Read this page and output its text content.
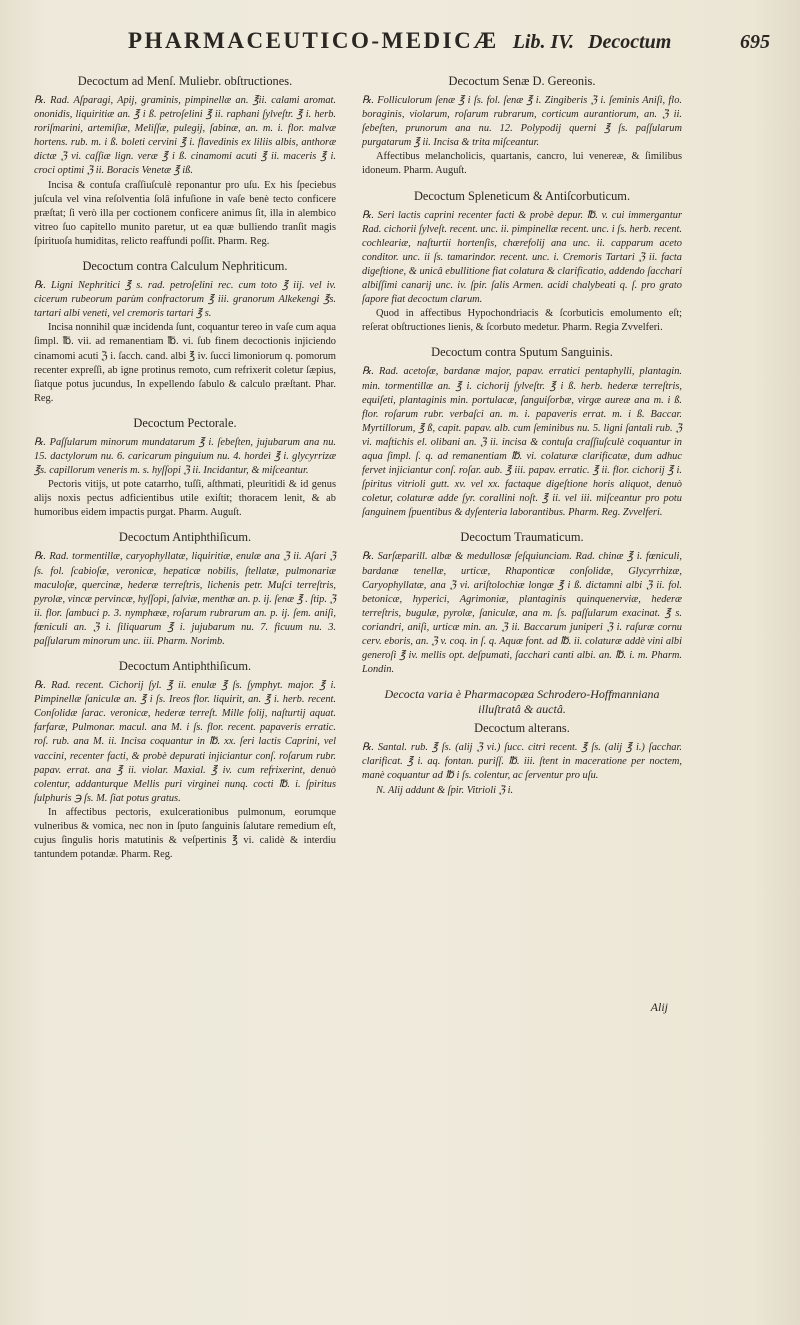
PHARMACEUTICO-MEDICÆ Lib. IV. Decoctum	695
Decoctum ad Menſ. Muliebr. obſtructiones.

℞. Rad. Aſparagi, Apij, graminis, pimpinellæ an. ℥ii. calami aromat. ononidis, liquiritiæ an. ℥ i ß. petroſelini ℥ ii. raphani ſylveſtr. ℥ i. herb. roriſmarini, artemiſiæ, Meliſſæ, pulegij, ſabinæ, an. m. i. flor. malvæ hortens. rub. m. i ß. boleti cervini ℥ i. flavedinis ex liliis albis, anthoræ dictæ ℨ vi. caſſiæ lign. veræ ℥ i ß. cinamomi acuti ℥ ii. maceris ℥ i. croci optimi ℨ ii. Boracis Venetæ ℥ iß.

Incisa & contuſa craſſiuſculè reponantur pro uſu. Ex his ſpeciebus juſcula vel vina reſolventia ſolâ infuſione in vaſe benè tecto conficere præſtat; ſi verò illa per coctionem conficere animus ſit, illa in alembico vitreo ſuo capitello munito paretur, ut ea quæ bulliendo tranſit magis ſpirituoſa humiditas, relicto reaffundi poſſit. Pharm. Reg.

Decoctum contra Calculum Nephriticum.

℞. Ligni Nephritici ℥ s. rad. petroſelini rec. cum toto ℥ iij. vel iv. cicerum rubeorum parùm confractorum ℥ iii. granorum Alkekengi ℥s. tartari albi veneti, vel cremoris tartari ℥ s.

Incisa nonnihil quæ incidenda ſunt, coquantur tereo in vaſe cum aqua ſimpl. ℔. vii. ad remanentiam ℔. vi. ſub finem decoctionis injiciendo cinamomi acuti ℨ i. ſacch. cand. albi ℥ iv. ſucci limoniorum q. pomorum recenter expreſſi, ab igne protinus remoto, cum refrixerit coletur ſæpius, ſiatque potus jucundus, In expellendo ſabulo & calculo præſtant. Phar. Reg.

Decoctum Pectorale.

℞. Paſſularum minorum mundatarum ℥ i. ſebeſten, jujubarum ana nu. 15. dactylorum nu. 6. caricarum pinguium nu. 4. hordeì ℥ i. glycyrrizæ ℥s. capillorum veneris m. s. hyſſopi ℨ ii. Incidantur, & miſceantur.

Pectoris vitijs, ut pote catarrho, tuſſi, aſthmati, pleuritidi & id genus alijs noxis pectus adficientibus utile exiſtit; thoracem lenit, & ab humoribus eidem impactis purgat. Pharm. Auguſt.

Decoctum Antiphthiſicum.

℞. Rad. tormentillæ, caryophyllatæ, liquiritiæ, enulæ ana ℨ ii. Aſari ℨ ſs. fol. ſcabioſæ, veronicæ, hepaticæ nobilis, ſtellatæ, pulmonariæ maculoſæ, quercinæ, hederæ terreſtris, lichenis petr. Muſci terreſtris, pyrolæ, vincæ pervincæ, hyſſopi, ſalviæ, menthæ an. p. ij. ſenæ ℥ . ſtip. ℨ ii. flor. ſambuci p. 3. nymphææ, roſarum rubrarum an. p. ij. ſem. aniſi, fœniculi an. ℨ i. ſiliquarum ℥ i. jujubarum nu. 7. ficuum nu. 3. paſſularum minorum unc. iii. Pharm. Norimb.

Decoctum Antiphthiſicum.

℞. Rad. recent. Cichorij ſyl. ℥ ii. enulæ ℥ ſs. ſymphyt. major. ℥ i. Pimpinellæ ſaniculæ an. ℥ i ſs. Ireos flor. liquirit, an. ℥ i. herb. recent. Conſolidæ ſarac. veronicæ, hederæ terreſt. Mille folij, naſturtij aquat. farfaræ, Pulmonar. macul. ana M. i ſs. flor. recent. papaveris erratic. roſ. rub. ana M. ii. Incisa coquantur in ℔. xx. ſeri lactis Caprini, vel vaccini, recenter facti, & probè depurati injiciantur conſ. roſarum rubr. papav. errat. ana ℥ ii. violar. Maxial. ℥ iv. cum refrixerint, denuò colentur, addanturque Mellis puri virginei nunq. cocti ℔. i. ſpiritus ſulphuris ℈ ſs. M. ſiat potus gratus.

In affectibus pectoris, exulcerationibus pulmonum, eorumque vulneribus & vomica, nec non in ſputo ſanguinis ſalutare remedium eſt, cujus ſingulis horis matutinis & veſpertinis ℥ vi. calidè & interdiu tantundem potandæ. Pharm. Reg.

Decoctum Senæ D. Gereonis.

℞. Folliculorum ſenæ ℥ i ſs. fol. ſenæ ℥ i. Zingiberis ℨ i. ſeminis Aniſi, flo. boraginis, violarum, roſarum rubrarum, corticum aurantiorum, an. ℨ ii. ſebeſten, prunorum ana nu. 12. Polypodij querni ℥ ſs. paſſularum purgatarum ℥ ii. Incisa & trita miſceantur.

Affectibus melancholicis, quartanis, cancro, lui venereæ, & ſimilibus idoneum. Pharm. Auguſt.

Decoctum Spleneticum & Antiſcorbuticum.

℞. Seri lactis caprini recenter facti & probè depur. ℔. v. cui immergantur Rad. cichorii ſylveſt. recent. unc. ii. pimpinellæ recent. unc. i ſs. herb. recent. cochleariæ, naſturtii hortenſis, chærefolij ana unc. ii. capparum aceto conditor. unc. ii ſs. tamarindor. recent. unc. i. Cremoris Tartari ℨ ii. facta digeſtione, & unicâ ebullitione fiat colatura & clarificatio, addendo ſacchari albiſſimi canarij unc. iv. ſpir. ſalis Armen. acidi chalybeati q. ſ. pro grato ſapore fiat decoctum clarum.

Quod in affectibus Hypochondriacis & ſcorbuticis emolumento eſt; reſerat obſtructiones lienis, & ſcorbuto medetur. Pharm. Regia Zvvelferi.

Decoctum contra Sputum Sanguinis.

℞. Rad. acetoſæ, bardanæ major, papav. erratici pentaphylli, plantagin. min. tormentillæ an. ℥ i. cichorij ſylveſtr. ℥ i ß. herb. hederæ terreſtris, equiſeti, plantaginis min. portulacæ, ſanguiſorbæ, virgæ aureæ ana m. i ß. flor. roſarum rubr. verbaſci an. m. i. papaveris errat. m. i ß. Baccar. Myrtillorum, ℥ ß, capit. papav. alb. cum ſeminibus nu. 5. ligni ſantali rub. ℨ vi. maſtichis el. olibani an. ℨ ii. incisa & contuſa craſſiuſculè coquantur in aqua ſimpl. ſ. q. ad remanentiam ℔. vi. colaturæ clarificatæ, dum adhuc fervet injiciantur conſ. roſar. aub. ℥ iii. papav. erratic. ℥ ii. flor. cichorij ℥ i. ſpiritus vitrioli gutt. xv. vel xx. factaque digeſtione horis aliquot, denuò coletur, colaturæ adde ſyr. corallini noſt. ℥ ii. vel iii. miſceantur pro potu ſanguinem ſpuentibus & dyſenteria laborantibus. Pharm. Reg. Zvvelferi.

Decoctum Traumaticum.

℞. Sarſæparill. albæ & medullosæ ſeſquiunciam. Rad. chinæ ℥ i. fœniculi, bardanæ tenellæ, urticæ, Rhaponticæ conſolidæ, Glycyrrhizæ, Caryophyllatæ, ana ℨ vi. ariſtolochiæ longæ ℥ i ß. dictamni albi ℨ ii. fol. betonicæ, hyperici, Agrimoniæ, plantaginis quinquenerviæ, hederæ terreſtris, bugulæ, pyrolæ, ſaniculæ, ana m. ſs. paſſularum exacinat. ℥ s. coriandri, aniſi, urticæ min. an. ℨ ii. Baccarum juniperi ℨ i. raſuræ cornu cerv. eboris, an. ℨ v. coq. in ſ. q. Aquæ font. ad ℔. ii. colaturæ addè vini albi generoſi ℥ iv. mellis opt. deſpumati, ſacchari canti albi. an. ℔. i. m. Pharm. Londin.

Decocta varia è Pharmacopæa Schrodero-Hoffmanniana illuſtratâ & auctâ.
Decoctum alterans.

℞. Santal. rub. ℥ ſs. (alij ℨ vi.) ſucc. citri recent. ℥ ſs. (alij ℥ i.) ſacchar. clarificat. ℥ i. aq. fontan. puriſſ. ℔. iii. ſtent in maceratione per noctem, manè coquantur ad ℔ i ſs. colentur, ac ſerventur pro uſu.

N. Alij addunt & ſpir. Vitrioli ℨ i.

Alij
